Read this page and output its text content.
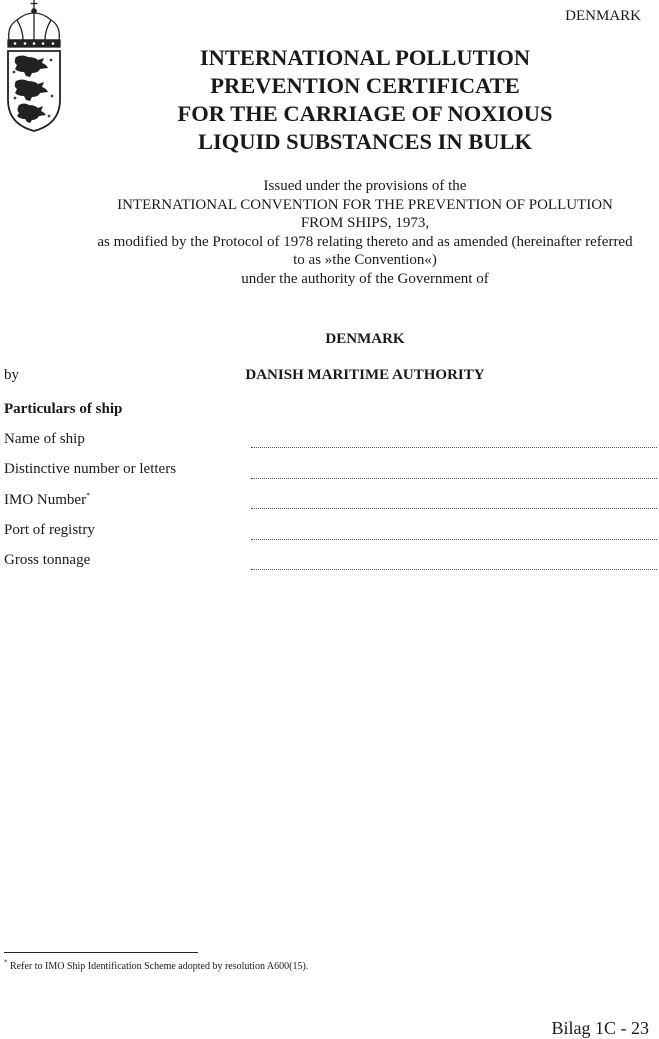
DENMARK
INTERNATIONAL POLLUTION
PREVENTION CERTIFICATE
FOR THE CARRIAGE OF NOXIOUS
LIQUID SUBSTANCES IN BULK
Issued under the provisions of the
INTERNATIONAL CONVENTION FOR THE PREVENTION OF POLLUTION
FROM SHIPS, 1973,
as modified by the Protocol of 1978 relating thereto and as amended (hereinafter referred
to as »the Convention«)
under the authority of the Government of
DENMARK
by	DANISH MARITIME AUTHORITY
Particulars of ship
Name of ship
Distinctive number or letters
IMO Number*
Port of registry
Gross tonnage
* Refer to IMO Ship Identification Scheme adopted by resolution A600(15).
Bilag 1C - 23
